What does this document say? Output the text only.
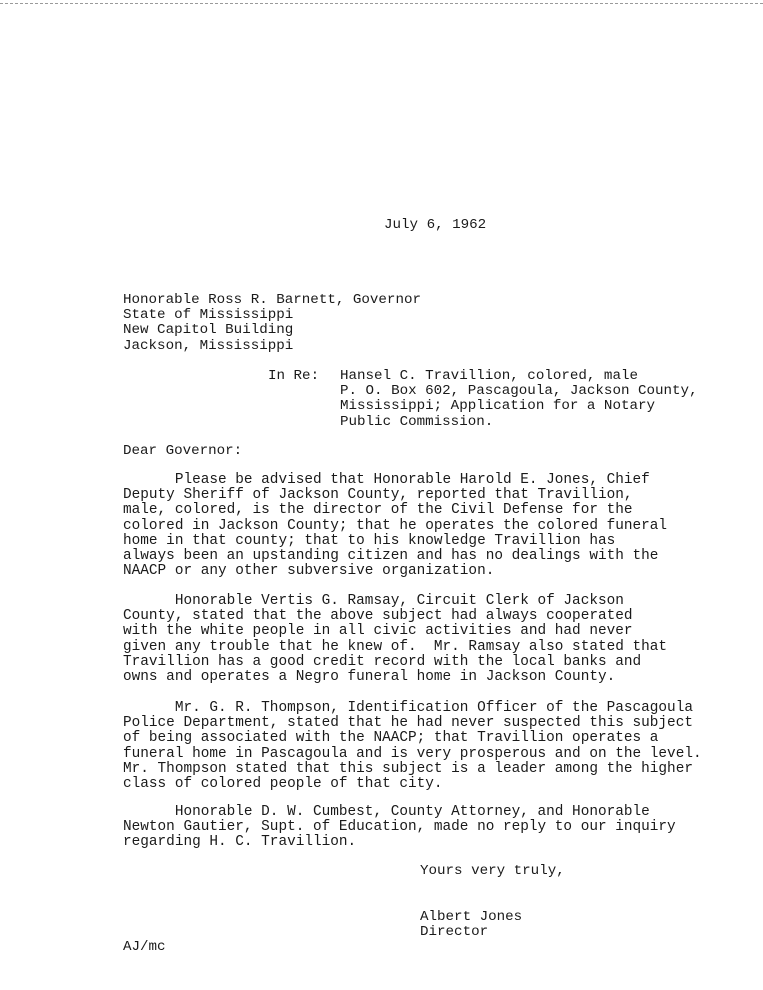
July 6, 1962
Honorable Ross R. Barnett, Governor
State of Mississippi
New Capitol Building
Jackson, Mississippi
In Re: Hansel C. Travillion, colored, male
P. O. Box 602, Pascagoula, Jackson County,
Mississippi; Application for a Notary
Public Commission.
Dear Governor:
Please be advised that Honorable Harold E. Jones, Chief
Deputy Sheriff of Jackson County, reported that Travillion,
male, colored, is the director of the Civil Defense for the
colored in Jackson County; that he operates the colored funeral
home in that county; that to his knowledge Travillion has
always been an upstanding citizen and has no dealings with the
NAACP or any other subversive organization.
Honorable Vertis G. Ramsay, Circuit Clerk of Jackson
County, stated that the above subject had always cooperated
with the white people in all civic activities and had never
given any trouble that he knew of.  Mr. Ramsay also stated that
Travillion has a good credit record with the local banks and
owns and operates a Negro funeral home in Jackson County.
Mr. G. R. Thompson, Identification Officer of the Pascagoula
Police Department, stated that he had never suspected this subject
of being associated with the NAACP; that Travillion operates a
funeral home in Pascagoula and is very prosperous and on the level.
Mr. Thompson stated that this subject is a leader among the higher
class of colored people of that city.
Honorable D. W. Cumbest, County Attorney, and Honorable
Newton Gautier, Supt. of Education, made no reply to our inquiry
regarding H. C. Travillion.
Yours very truly,
Albert Jones
Director
AJ/mc
